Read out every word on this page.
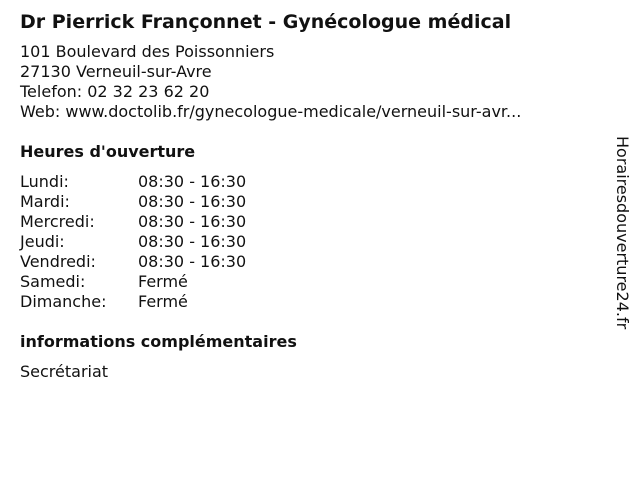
Dr Pierrick Françonnet - Gynécologue médical
101 Boulevard des Poissonniers
27130 Verneuil-sur-Avre
Telefon: 02 32 23 62 20
Web: www.doctolib.fr/gynecologue-medicale/verneuil-sur-avr...
Heures d'ouverture
Lundi:	08:30 - 16:30
Mardi:	08:30 - 16:30
Mercredi:	08:30 - 16:30
Jeudi:	08:30 - 16:30
Vendredi:	08:30 - 16:30
Samedi:	Fermé
Dimanche:	Fermé
informations complémentaires
Secrétariat
Horairesdouverture24.fr
